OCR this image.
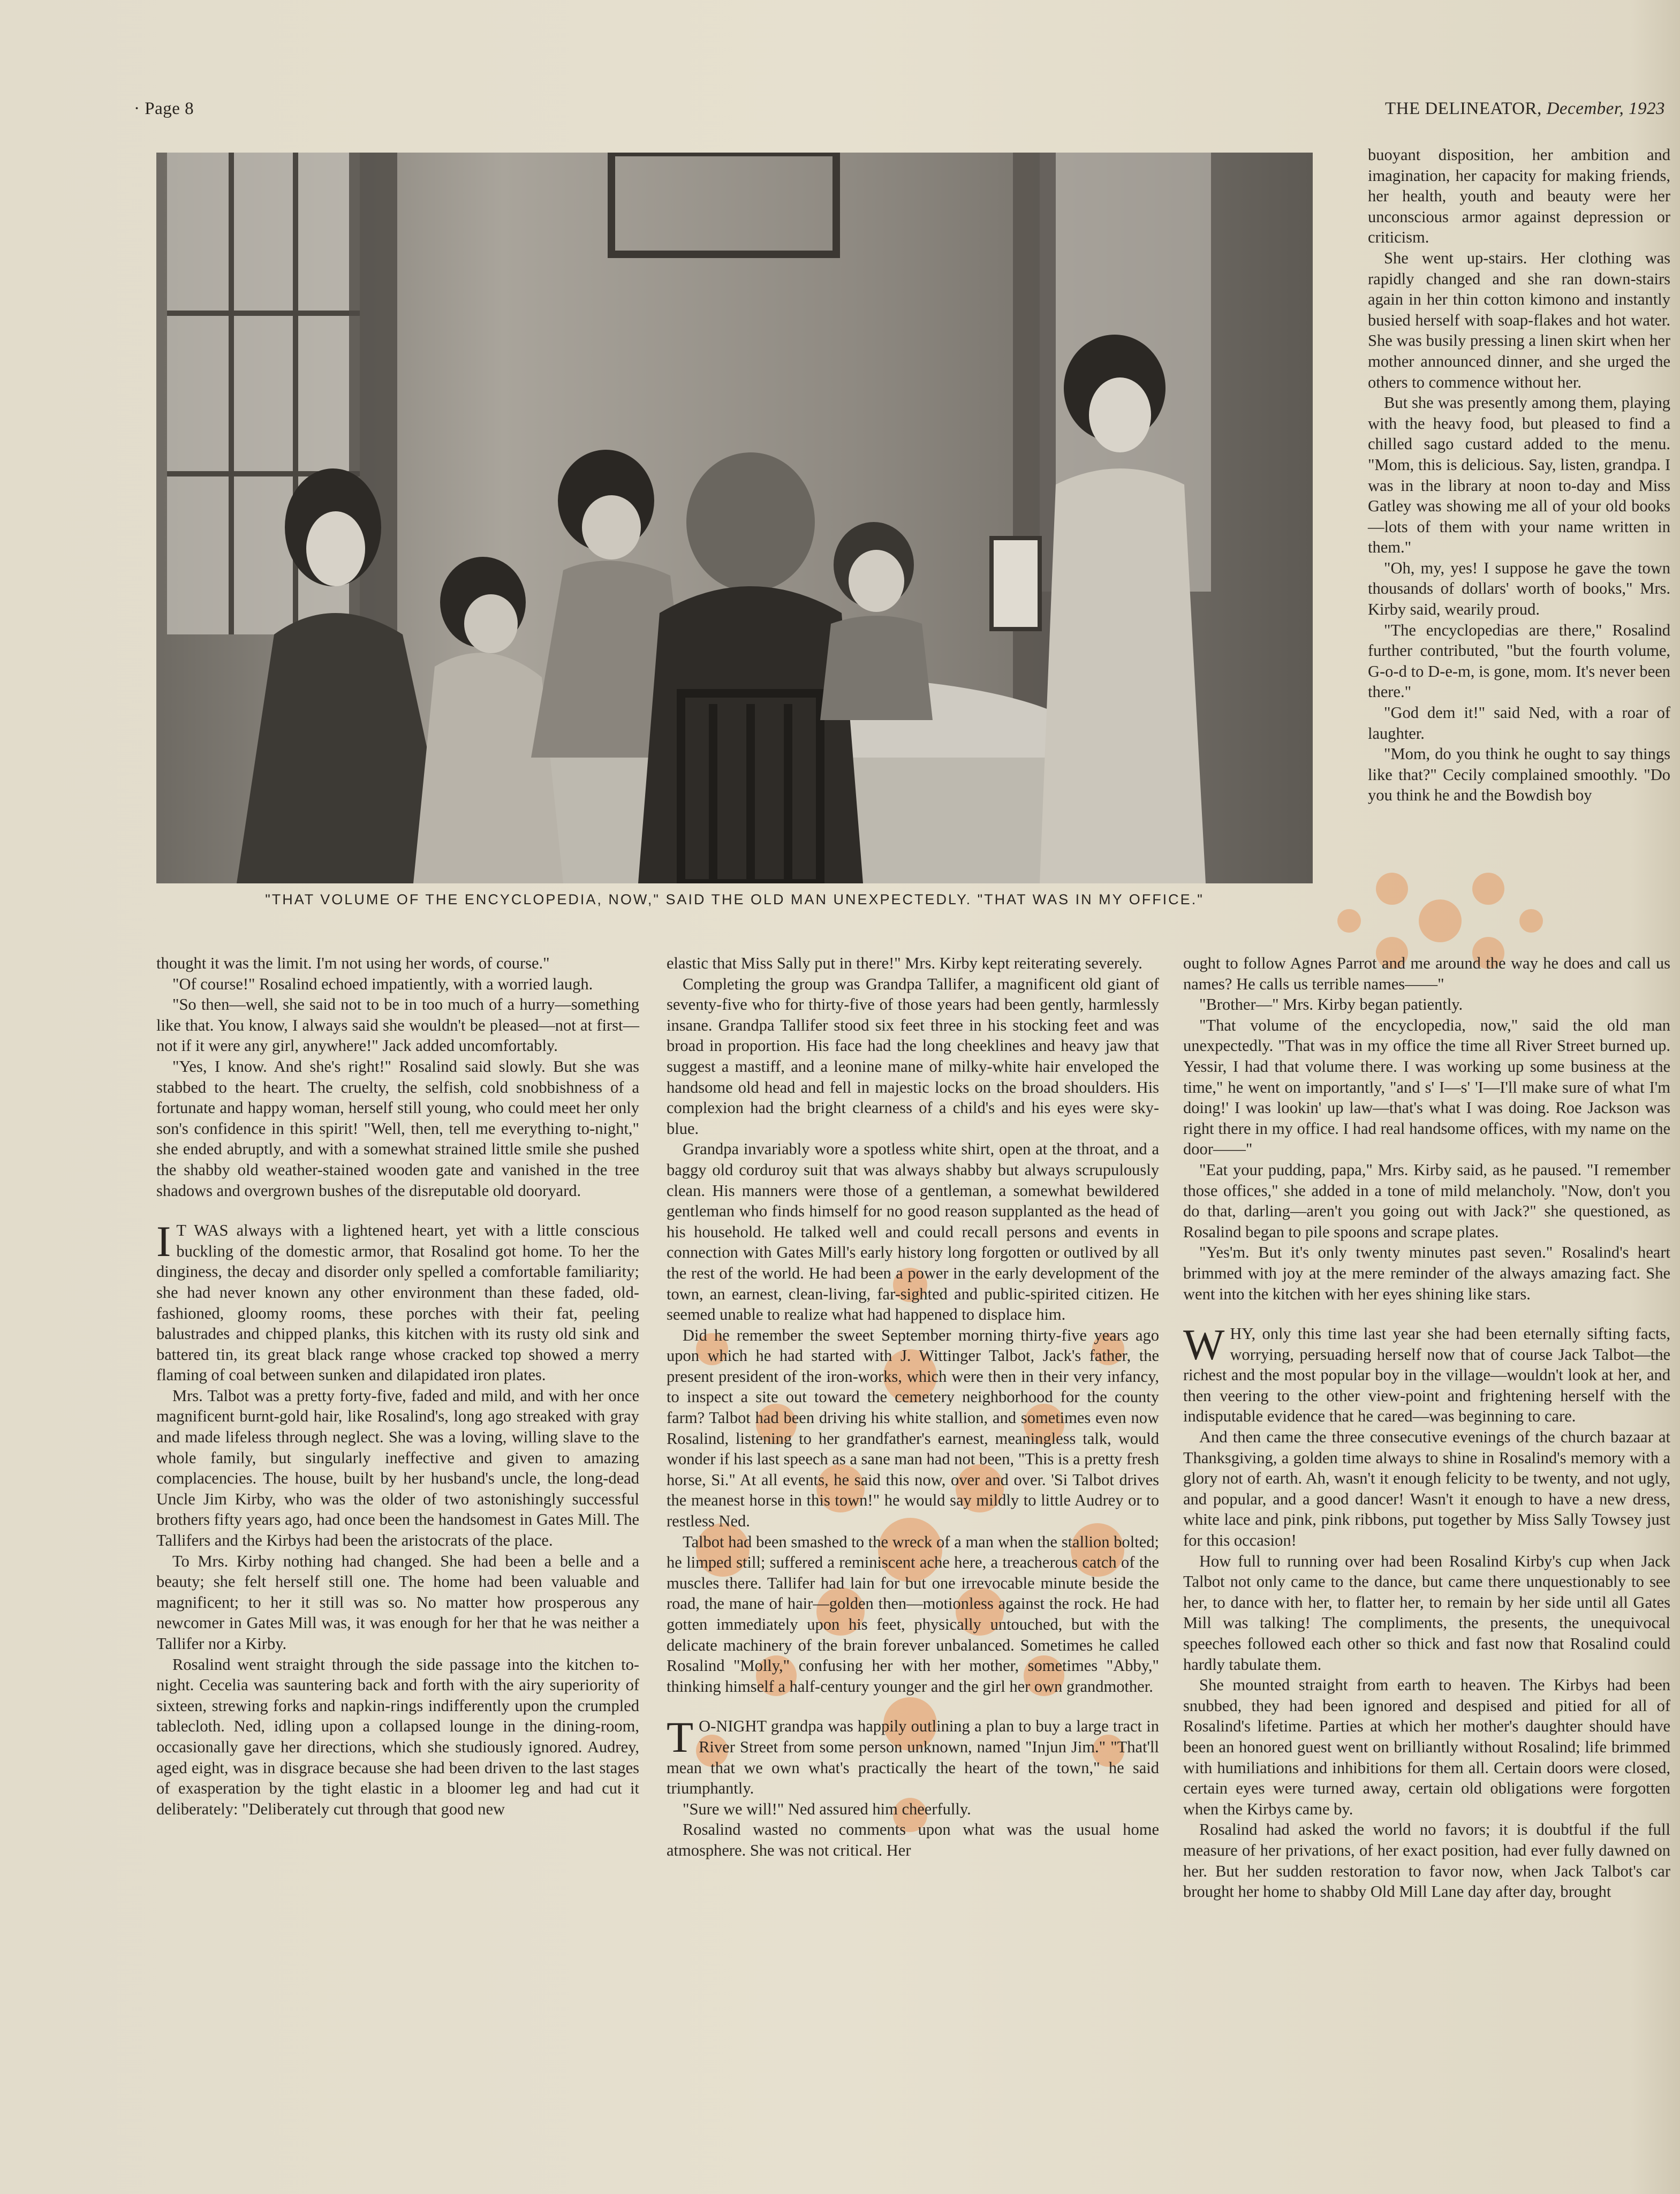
· Page 8	THE DELINEATOR, December, 1923
"THAT VOLUME OF THE ENCYCLOPEDIA, NOW," SAID THE OLD MAN UNEXPECTEDLY. "THAT WAS IN MY OFFICE."

buoyant disposition, her ambition and imagination, her capacity for making friends, her health, youth and beauty were her unconscious armor against depression or criticism.

She went up-stairs. Her clothing was rapidly changed and she ran down-stairs again in her thin cotton kimono and instantly busied herself with soap-flakes and hot water. She was busily pressing a linen skirt when her mother announced dinner, and she urged the others to commence without her.

But she was presently among them, playing with the heavy food, but pleased to find a chilled sago custard added to the menu. "Mom, this is delicious. Say, listen, grandpa. I was in the library at noon to-day and Miss Gatley was showing me all of your old books—lots of them with your name written in them."

"Oh, my, yes! I suppose he gave the town thousands of dollars' worth of books," Mrs. Kirby said, wearily proud.

"The encyclopedias are there," Rosalind further contributed, "but the fourth volume, G-o-d to D-e-m, is gone, mom. It's never been there."

"God dem it!" said Ned, with a roar of laughter.

"Mom, do you think he ought to say things like that?" Cecily complained smoothly. "Do you think he and the Bowdish boy

thought it was the limit. I'm not using her words, of course."

"Of course!" Rosalind echoed impatiently, with a worried laugh.

"So then—well, she said not to be in too much of a hurry—something like that. You know, I always said she wouldn't be pleased—not at first—not if it were any girl, anywhere!" Jack added uncomfortably.

"Yes, I know. And she's right!" Rosalind said slowly. But she was stabbed to the heart. The cruelty, the selfish, cold snobbishness of a fortunate and happy woman, herself still young, who could meet her only son's confidence in this spirit! "Well, then, tell me everything to-night," she ended abruptly, and with a somewhat strained little smile she pushed the shabby old weather-stained wooden gate and vanished in the tree shadows and overgrown bushes of the disreputable old dooryard.

I T WAS always with a lightened heart, yet with a little conscious buckling of the domestic armor, that Rosalind got home. To her the dinginess, the decay and disorder only spelled a comfortable familiarity; she had never known any other environment than these faded, old-fashioned, gloomy rooms, these porches with their fat, peeling balustrades and chipped planks, this kitchen with its rusty old sink and battered tin, its great black range whose cracked top showed a merry flaming of coal between sunken and dilapidated iron plates.

Mrs. Talbot was a pretty forty-five, faded and mild, and with her once magnificent burnt-gold hair, like Rosalind's, long ago streaked with gray and made lifeless through neglect. She was a loving, willing slave to the whole family, but singularly ineffective and given to amazing complacencies. The house, built by her husband's uncle, the long-dead Uncle Jim Kirby, who was the older of two astonishingly successful brothers fifty years ago, had once been the handsomest in Gates Mill. The Tallifers and the Kirbys had been the aristocrats of the place.

To Mrs. Kirby nothing had changed. She had been a belle and a beauty; she felt herself still one. The home had been valuable and magnificent; to her it still was so. No matter how prosperous any newcomer in Gates Mill was, it was enough for her that he was neither a Tallifer nor a Kirby.

Rosalind went straight through the side passage into the kitchen to-night. Cecelia was sauntering back and forth with the airy superiority of sixteen, strewing forks and napkin-rings indifferently upon the crumpled tablecloth. Ned, idling upon a collapsed lounge in the dining-room, occasionally gave her directions, which she studiously ignored. Audrey, aged eight, was in disgrace because she had been driven to the last stages of exasperation by the tight elastic in a bloomer leg and had cut it deliberately: "Deliberately cut through that good new

elastic that Miss Sally put in there!" Mrs. Kirby kept reiterating severely.

Completing the group was Grandpa Tallifer, a magnificent old giant of seventy-five who for thirty-five of those years had been gently, harmlessly insane. Grandpa Tallifer stood six feet three in his stocking feet and was broad in proportion. His face had the long cheeklines and heavy jaw that suggest a mastiff, and a leonine mane of milky-white hair enveloped the handsome old head and fell in majestic locks on the broad shoulders. His complexion had the bright clearness of a child's and his eyes were sky-blue.

Grandpa invariably wore a spotless white shirt, open at the throat, and a baggy old corduroy suit that was always shabby but always scrupulously clean. His manners were those of a gentleman, a somewhat bewildered gentleman who finds himself for no good reason supplanted as the head of his household. He talked well and could recall persons and events in connection with Gates Mill's early history long forgotten or outlived by all the rest of the world. He had been a power in the early development of the town, an earnest, clean-living, far-sighted and public-spirited citizen. He seemed unable to realize what had happened to displace him.

Did he remember the sweet September morning thirty-five years ago upon which he had started with J. Wittinger Talbot, Jack's father, the present president of the iron-works, which were then in their very infancy, to inspect a site out toward the cemetery neighborhood for the county farm? Talbot had been driving his white stallion, and sometimes even now Rosalind, listening to her grandfather's earnest, meaningless talk, would wonder if his last speech as a sane man had not been, "This is a pretty fresh horse, Si." At all events, he said this now, over and over. 'Si Talbot drives the meanest horse in this town!" he would say mildly to little Audrey or to restless Ned.

Talbot had been smashed to the wreck of a man when the stallion bolted; he limped still; suffered a reminiscent ache here, a treacherous catch of the muscles there. Tallifer had lain for but one irrevocable minute beside the road, the mane of hair—golden then—motionless against the rock. He had gotten immediately upon his feet, physically untouched, but with the delicate machinery of the brain forever unbalanced. Sometimes he called Rosalind "Molly," confusing her with her mother, sometimes "Abby," thinking himself a half-century younger and the girl her own grandmother.

T O-NIGHT grandpa was happily outlining a plan to buy a large tract in River Street from some person unknown, named "Injun Jim." "That'll mean that we own what's practically the heart of the town," he said triumphantly.

"Sure we will!" Ned assured him cheerfully.

Rosalind wasted no comments upon what was the usual home atmosphere. She was not critical. Her

ought to follow Agnes Parrot and me around the way he does and call us names? He calls us terrible names——"

"Brother—" Mrs. Kirby began patiently.

"That volume of the encyclopedia, now," said the old man unexpectedly. "That was in my office the time all River Street burned up. Yessir, I had that volume there. I was working up some business at the time," he went on importantly, "and s' I—s' 'I—I'll make sure of what I'm doing!' I was lookin' up law—that's what I was doing. Roe Jackson was right there in my office. I had real handsome offices, with my name on the door——"

"Eat your pudding, papa," Mrs. Kirby said, as he paused. "I remember those offices," she added in a tone of mild melancholy. "Now, don't you do that, darling—aren't you going out with Jack?" she questioned, as Rosalind began to pile spoons and scrape plates.

"Yes'm. But it's only twenty minutes past seven." Rosalind's heart brimmed with joy at the mere reminder of the always amazing fact. She went into the kitchen with her eyes shining like stars.

WHY, only this time last year she had been eternally sifting facts, worrying, persuading herself now that of course Jack Talbot—the richest and the most popular boy in the village—wouldn't look at her, and then veering to the other view-point and frightening herself with the indisputable evidence that he cared—was beginning to care.

And then came the three consecutive evenings of the church bazaar at Thanksgiving, a golden time always to shine in Rosalind's memory with a glory not of earth. Ah, wasn't it enough felicity to be twenty, and not ugly, and popular, and a good dancer! Wasn't it enough to have a new dress, white lace and pink, pink ribbons, put together by Miss Sally Towsey just for this occasion!

How full to running over had been Rosalind Kirby's cup when Jack Talbot not only came to the dance, but came there unquestionably to see her, to dance with her, to flatter her, to remain by her side until all Gates Mill was talking! The compliments, the presents, the unequivocal speeches followed each other so thick and fast now that Rosalind could hardly tabulate them.

She mounted straight from earth to heaven. The Kirbys had been snubbed, they had been ignored and despised and pitied for all of Rosalind's lifetime. Parties at which her mother's daughter should have been an honored guest went on brilliantly without Rosalind; life brimmed with humiliations and inhibitions for them all. Certain doors were closed, certain eyes were turned away, certain old obligations were forgotten when the Kirbys came by.

Rosalind had asked the world no favors; it is doubtful if the full measure of her privations, of her exact position, had ever fully dawned on her. But her sudden restoration to favor now, when Jack Talbot's car brought her home to shabby Old Mill Lane day after day, brought
